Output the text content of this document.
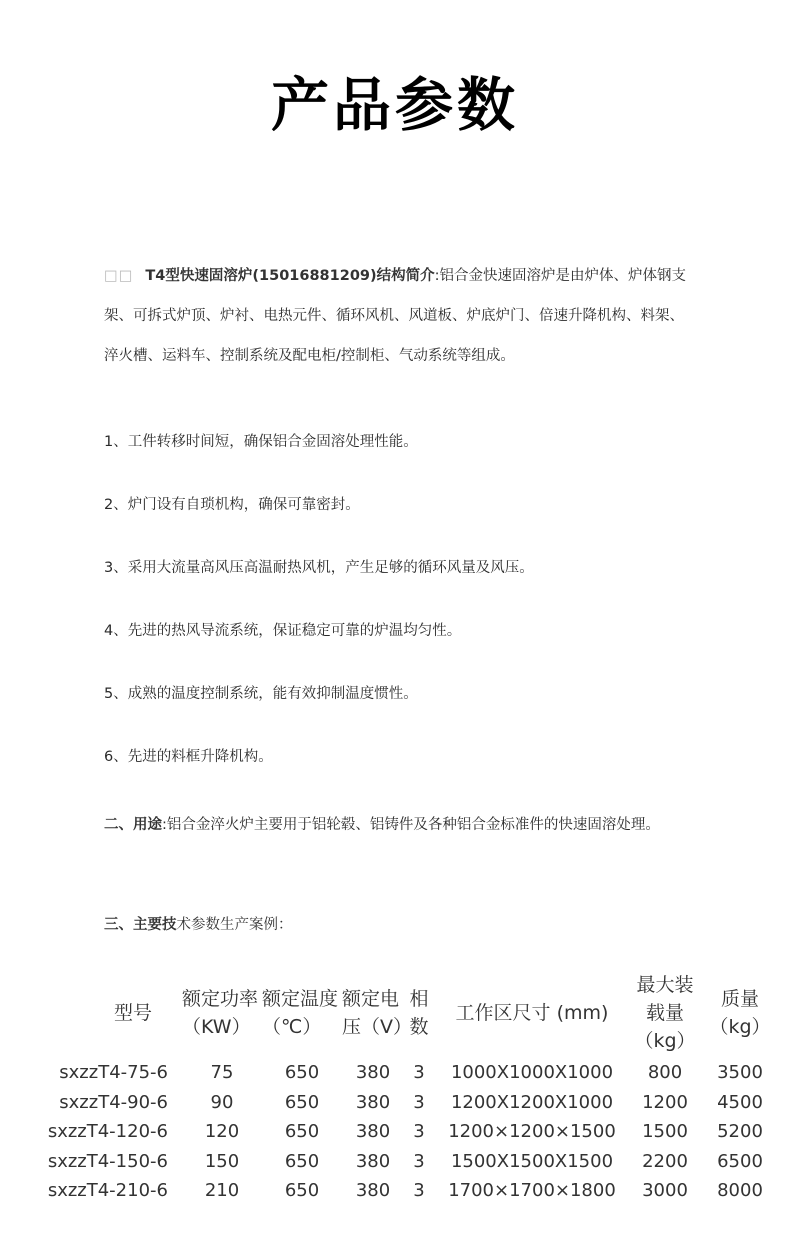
产品参数
□□ T4型快速固溶炉(15016881209)结构简介:铝合金快速固溶炉是由炉体、炉体钢支架、可拆式炉顶、炉衬、电热元件、循环风机、风道板、炉底炉门、倍速升降机构、料架、淬火槽、运料车、控制系统及配电柜/控制柜、气动系统等组成。
1、工件转移时间短，确保铝合金固溶处理性能。
2、炉门设有自琐机构，确保可靠密封。
3、采用大流量高风压高温耐热风机，产生足够的循环风量及风压。
4、先进的热风导流系统，保证稳定可靠的炉温均匀性。
5、成熟的温度控制系统，能有效抑制温度惯性。
6、先进的料框升降机构。
二、用途:铝合金淬火炉主要用于铝轮毂、铝铸件及各种铝合金标准件的快速固溶处理。
三、主要技术参数生产案例：
型号	额定功率（KW）	额定温度（℃）	额定电压（V）	相数	工作区尺寸 (mm)	最大装载量（kg）	质量（kg）
sxzzT4-75-6	75	650	380	3	1000X1000X1000	800	3500
sxzzT4-90-6	90	650	380	3	1200X1200X1000	1200	4500
sxzzT4-120-6	120	650	380	3	1200×1200×1500	1500	5200
sxzzT4-150-6	150	650	380	3	1500X1500X1500	2200	6500
sxzzT4-210-6	210	650	380	3	1700×1700×1800	3000	8000
